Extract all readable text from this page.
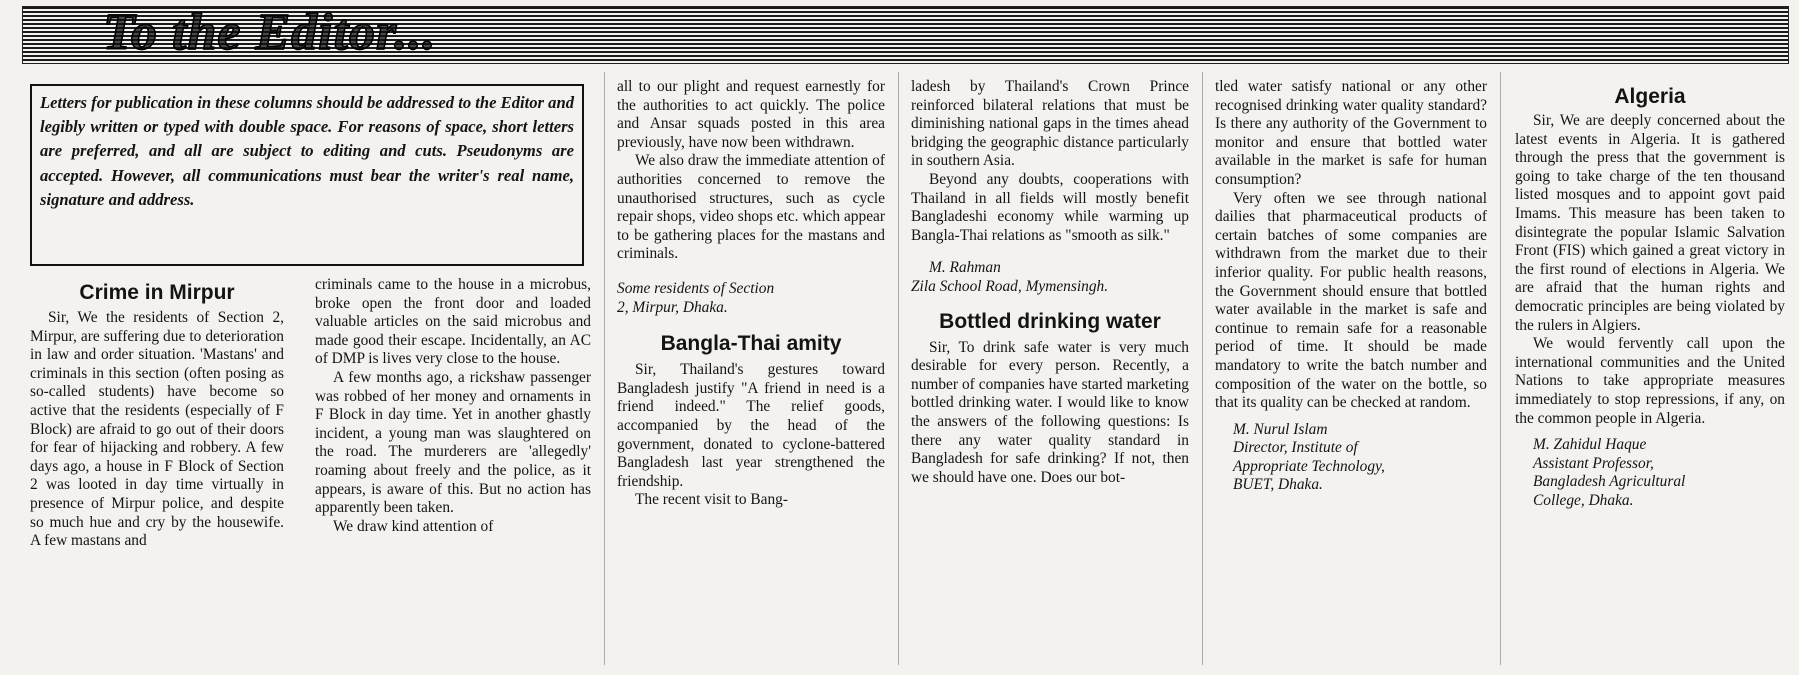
To the Editor...
Letters for publication in these columns should be addressed to the Editor and legibly written or typed with double space. For reasons of space, short letters are preferred, and all are subject to editing and cuts. Pseudonyms are accepted. However, all communications must bear the writer's real name, signature and address.
Crime in Mirpur

Sir, We the residents of Section 2, Mirpur, are suffering due to deterioration in law and order situation. 'Mastans' and criminals in this section (often posing as so-called students) have become so active that the residents (especially of F Block) are afraid to go out of their doors for fear of hijacking and robbery. A few days ago, a house in F Block of Section 2 was looted in day time virtually in presence of Mirpur police, and despite so much hue and cry by the housewife. A few mastans and

criminals came to the house in a microbus, broke open the front door and loaded valuable articles on the said microbus and made good their escape. Incidentally, an AC of DMP is lives very close to the house.

A few months ago, a rickshaw passenger was robbed of her money and ornaments in F Block in day time. Yet in another ghastly incident, a young man was slaughtered on the road. The murderers are 'allegedly' roaming about freely and the police, as it appears, is aware of this. But no action has apparently been taken.

We draw kind attention of

all to our plight and request earnestly for the authorities to act quickly. The police and Ansar squads posted in this area previously, have now been withdrawn.

We also draw the immediate attention of authorities concerned to remove the unauthorised structures, such as cycle repair shops, video shops etc. which appear to be gathering places for the mastans and criminals.

Some residents of Section
2, Mirpur, Dhaka.
Bangla-Thai amity

Sir, Thailand's gestures toward Bangladesh justify "A friend in need is a friend indeed." The relief goods, accompanied by the head of the government, donated to cyclone-battered Bangladesh last year strengthened the friendship.

The recent visit to Bang-

ladesh by Thailand's Crown Prince reinforced bilateral relations that must be diminishing national gaps in the times ahead bridging the geographic distance particularly in southern Asia.

Beyond any doubts, cooperations with Thailand in all fields will mostly benefit Bangladeshi economy while warming up Bangla-Thai relations as "smooth as silk."

M. Rahman
Zila School Road, Mymensingh.
Bottled drinking water

Sir, To drink safe water is very much desirable for every person. Recently, a number of companies have started marketing bottled drinking water. I would like to know the answers of the following questions: Is there any water quality standard in Bangladesh for safe drinking? If not, then we should have one. Does our bot-

tled water satisfy national or any other recognised drinking water quality standard? Is there any authority of the Government to monitor and ensure that bottled water available in the market is safe for human consumption?

Very often we see through national dailies that pharmaceutical products of certain batches of some companies are withdrawn from the market due to their inferior quality. For public health reasons, the Government should ensure that bottled water available in the market is safe and continue to remain safe for a reasonable period of time. It should be made mandatory to write the batch number and composition of the water on the bottle, so that its quality can be checked at random.

M. Nurul Islam
Director, Institute of
Appropriate Technology,
BUET, Dhaka.
Algeria

Sir, We are deeply concerned about the latest events in Algeria. It is gathered through the press that the government is going to take charge of the ten thousand listed mosques and to appoint govt paid Imams. This measure has been taken to disintegrate the popular Islamic Salvation Front (FIS) which gained a great victory in the first round of elections in Algeria. We are afraid that the human rights and democratic principles are being violated by the rulers in Algiers.

We would fervently call upon the international communities and the United Nations to take appropriate measures immediately to stop repressions, if any, on the common people in Algeria.

M. Zahidul Haque
Assistant Professor,
Bangladesh Agricultural
College, Dhaka.
